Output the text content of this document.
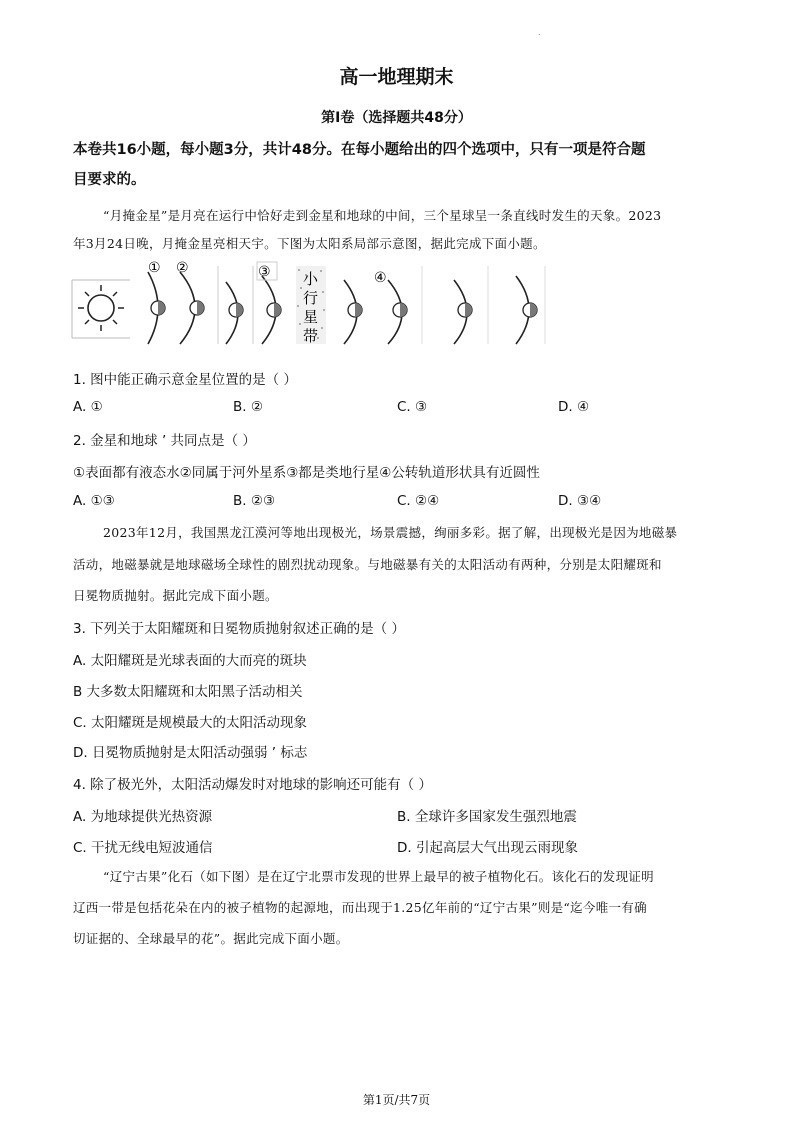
.
高一地理期末
第Ⅰ卷（选择题共48分）
本卷共16小题，每小题3分，共计48分。在每小题给出的四个选项中，只有一项是符合题
目要求的。
“月掩金星”是月亮在运行中恰好走到金星和地球的中间，三个星球呈一条直线时发生的天象。2023
年3月24日晚，月掩金星亮相天宇。下图为太阳系局部示意图，据此完成下面小题。
① ②	③ 小
行
星
带
④
1. 图中能正确示意金星位置的是（ ）
A. ①	B. ②	C. ③	D. ④
2. 金星和地球 ’ 共同点是（ ）
①表面都有液态水②同属于河外星系③都是类地行星④公转轨道形状具有近圆性
A. ①③	B. ②③	C. ②④	D. ③④
2023年12月，我国黑龙江漠河等地出现极光，场景震撼，绚丽多彩。据了解，出现极光是因为地磁暴
活动，地磁暴就是地球磁场全球性的剧烈扰动现象。与地磁暴有关的太阳活动有两种，分别是太阳耀斑和
日冕物质抛射。据此完成下面小题。
3. 下列关于太阳耀斑和日冕物质抛射叙述正确的是（ ）
A. 太阳耀斑是光球表面的大而亮的斑块
B 大多数太阳耀斑和太阳黑子活动相关
C. 太阳耀斑是规模最大的太阳活动现象
D. 日冕物质抛射是太阳活动强弱 ’ 标志
4. 除了极光外，太阳活动爆发时对地球的影响还可能有（ ）
A. 为地球提供光热资源	B. 全球许多国家发生强烈地震
C. 干扰无线电短波通信	D. 引起高层大气出现云雨现象
“辽宁古果”化石（如下图）是在辽宁北票市发现的世界上最早的被子植物化石。该化石的发现证明
辽西一带是包括花朵在内的被子植物的起源地，而出现于1.25亿年前的“辽宁古果”则是“迄今唯一有确
切证据的、全球最早的花”。据此完成下面小题。
第1页/共7页
